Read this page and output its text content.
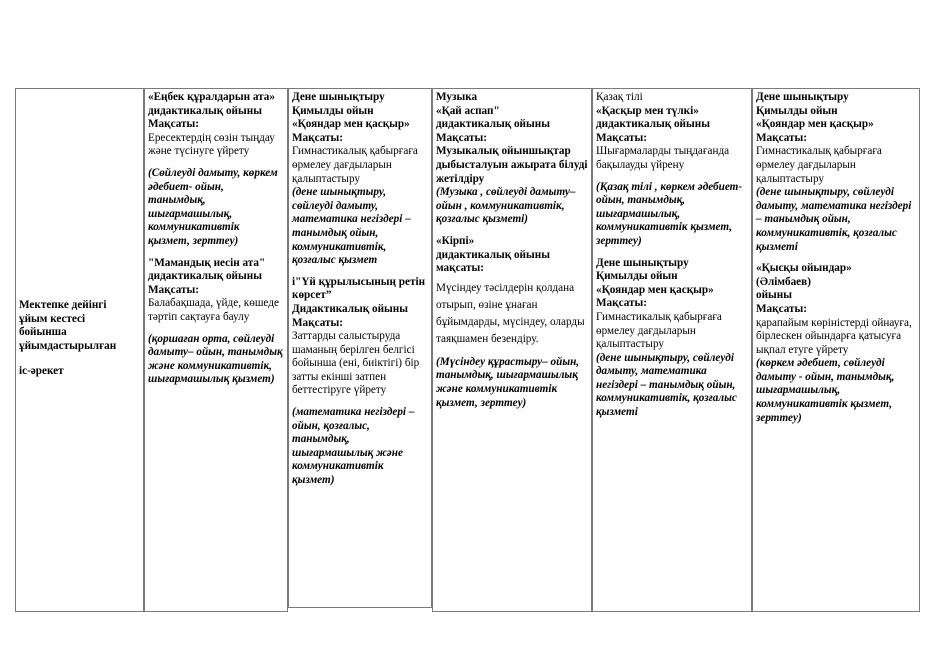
Мектепке дейінгі
ұйым кестесі
бойынша
ұйымдастырылған
іс-әрекет
«Еңбек құралдарын ата»
дидактикалық ойыны
Мақсаты:
Ересектердің сөзін тыңдау және түсінуге үйрету
(Сөйлеуді дамыту, көркем әдебиет- ойын, танымдық, шығармашылық, коммуникативтік қызмет, зерттеу)
"Мамандық иесін ата"
дидактикалық ойыны
Мақсаты:
Балабақшада, үйде, көшеде тәртіп сақтауға баулу
(қоршаған орта, сөйлеуді дамыту– ойын, танымдық және коммуникативтік, шығармашылық қызмет)
Дене шынықтыру
Қимылды ойын
«Қояндар мен қасқыр»
Мақсаты:
Гимнастикалық қабырғаға өрмелеу дағдыларын қалыптастыру
(дене шынықтыру, сөйлеуді дамыту, математика негіздері – танымдық ойын, коммуникативтік, қозғалыс қызмет
і"Үй құрылысының ретін көрсет”
Дидактикалық ойыны
Мақсаты:
Заттарды салыстыруда шаманың берілген белгісі бойынша (ені, биіктігі) бір затты екінші затпен беттестіруге үйрету
(математика негіздері – ойын, қозғалыс, танымдық, шығармашылық және коммуникативтік қызмет)
Музыка
«Қай аспап"
дидактикалық ойыны
Мақсаты:
Музыкалық ойыншықтар дыбысталуын ажырата білуді жетілдіру
(Музыка , сөйлеуді дамыту– ойын , коммуникативтік, қозғалыс қызметі)
«Кірпі»
дидактикалық ойыны
мақсаты:
Мүсіндеу тәсілдерін қолдана отырып, өзіне ұнаған бұйымдарды, мүсіндеу, оларды таяқшамен безендіру.
(Мүсіндеу құрастыру– ойын, танымдық, шығармашылық және коммуникативтік қызмет, зерттеу)
Қазақ тілі
«Қасқыр мен түлкі»
дидактикалық ойыны
Мақсаты:
Шығармаларды тыңдағанда бақылауды үйрену
(Қазақ тілі , көркем әдебиет- ойын, танымдық, шығармашылық, коммуникативтік қызмет, зерттеу)
Дене шынықтыру
Қимылды ойын
«Қояндар мен қасқыр»
Мақсаты:
Гимнастикалық қабырғаға өрмелеу дағдыларын қалыптастыру
(дене шынықтыру, сөйлеуді дамыту, математика негіздері – танымдық ойын, коммуникативтік, қозғалыс қызметі
Дене шынықтыру
Қимылды ойын
«Қояндар мен қасқыр»
Мақсаты:
Гимнастикалық қабырғаға өрмелеу дағдыларын қалыптастыру
(дене шынықтыру, сөйлеуді дамыту, математика негіздері – танымдық ойын, коммуникативтік, қозғалыс қызметі
«Қысқы ойындар»
(Әлімбаев)
ойыны
Мақсаты:
қарапайым көріністерді ойнауға, бірлескен ойындарға қатысуға ықпал етуге үйрету
(көркем әдебиет, сөйлеуді дамыту - ойын, танымдық, шығармашылық, коммуникативтік қызмет, зерттеу)
